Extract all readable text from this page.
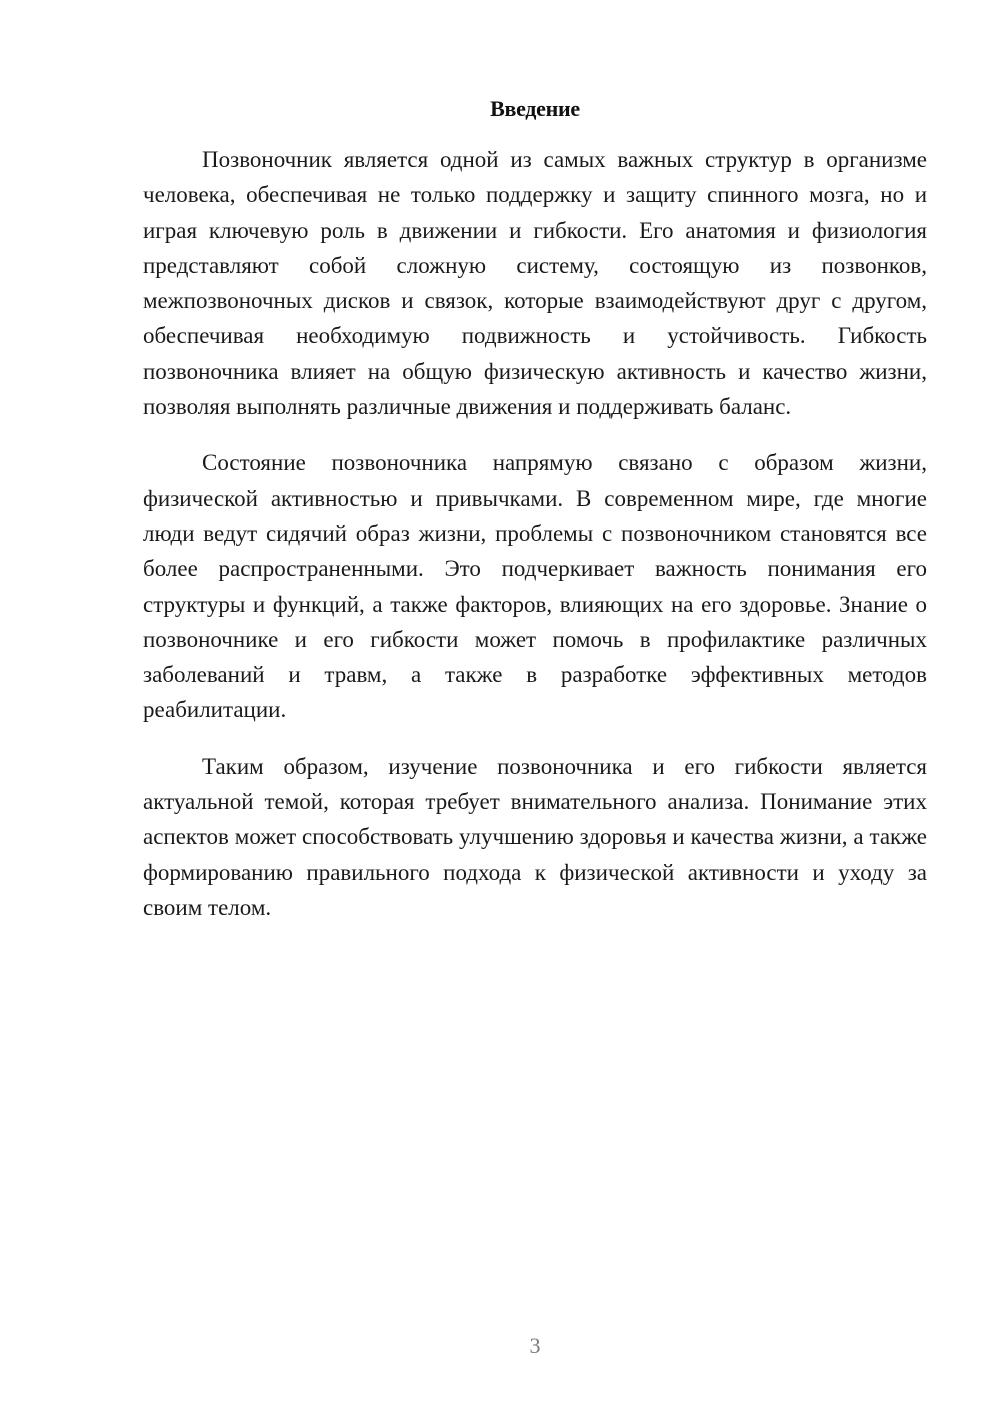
Введение

Позвоночник является одной из самых важных структур в организме человека, обеспечивая не только поддержку и защиту спинного мозга, но и играя ключевую роль в движении и гибкости. Его анатомия и физиология представляют собой сложную систему, состоящую из позвонков, межпозвоночных дисков и связок, которые взаимодействуют друг с другом, обеспечивая необходимую подвижность и устойчивость. Гибкость позвоночника влияет на общую физическую активность и качество жизни, позволяя выполнять различные движения и поддерживать баланс.

Состояние позвоночника напрямую связано с образом жизни, физической активностью и привычками. В современном мире, где многие люди ведут сидячий образ жизни, проблемы с позвоночником становятся все более распространенными. Это подчеркивает важность понимания его структуры и функций, а также факторов, влияющих на его здоровье. Знание о позвоночнике и его гибкости может помочь в профилактике различных заболеваний и травм, а также в разработке эффективных методов реабилитации.

Таким образом, изучение позвоночника и его гибкости является актуальной темой, которая требует внимательного анализа. Понимание этих аспектов может способствовать улучшению здоровья и качества жизни, а также формированию правильного подхода к физической активности и уходу за своим телом.

3
